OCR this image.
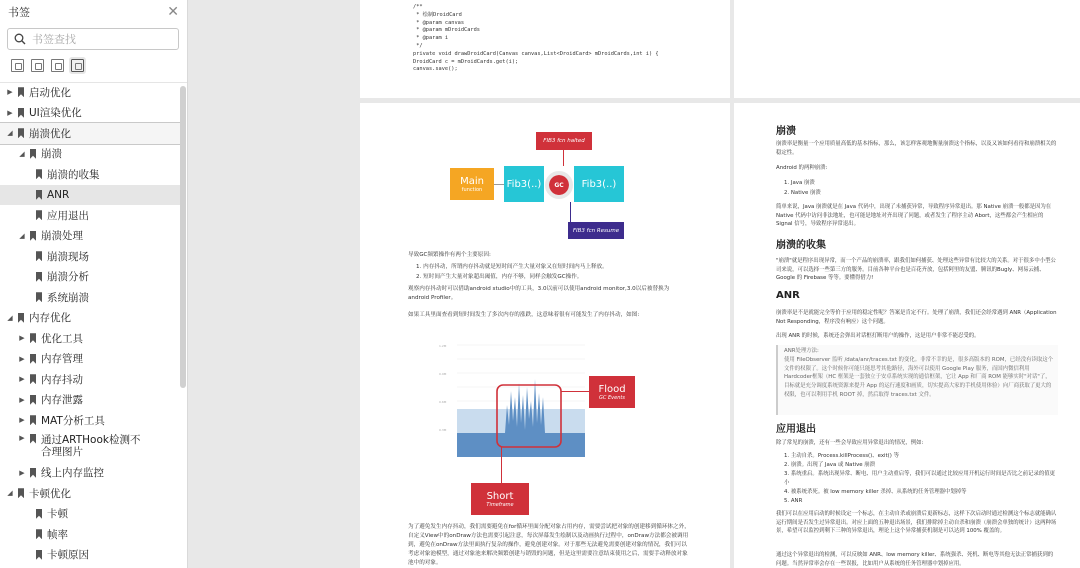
书签	✕
书签查找
▶ 启动优化
▶ UI渲染优化
◢ 崩溃优化
◢ 崩溃
崩溃的收集
ANR
应用退出
◢ 崩溃处理
崩溃现场
崩溃分析
系统崩溃
◢ 内存优化
▶ 优化工具
▶ 内存管理
▶ 内存抖动
▶ 内存泄露
▶ MAT分析工具
▶ 通过ARTHook检测不合理图片
▶ 线上内存监控
◢ 卡顿优化
卡顿
帧率
卡顿原因
/**
* 绘制DroidCard
* @param canvas
* @param mDroidCards
* @param i
*/
private void drawDroidCard(Canvas canvas,List<DroidCard> mDroidCards,int i) {
DroidCard c = mDroidCards.get(i);
canvas.save();
FIB3 fcn halted
Main
function Fib3(..)	GC	Fib3(..)
FIB3 fcn Resume
导致GC频繁操作有两个主要原因:
1. 内存抖动，所谓内存抖动就是短时间产生大量对象又在短时间内马上释放。
2. 短时间产生大量对象超出阈值，内存不够，同样会触发GC操作。
观察内存抖动时可以借助android studio中的工具，3.0以前可以使用android monitor,3.0以后被替换为android Profiler。
如果工具里面查看到短时间发生了多次内存的涨跌，这意味着很有可能发生了内存抖动，如图:
1.2M
0.9M
0.6M
0.3M
Flood
GC Events
Short
Timeframe
为了避免发生内存抖动，我们需要避免在for循环里面分配对象占用内存，需要尝试把对象的创建移到循环体之外，自定义View中的onDraw方法也需要引起注意，每次屏幕发生绘制以及动画执行过程中，onDraw方法都会被调用到，避免在onDraw方法里面执行复杂的操作，避免创建对象。对于那些无法避免需要创建对象的情况，我们可以考虑对象池模型，通过对象池来解决频繁创建与销毁的问题，但是这里需要注意结束使用之后，需要手动释放对象池中的对象。
崩溃
崩溃率是衡量一个应用质量高低的基本指标，那么，该怎样客观地衡量崩溃这个指标，以及又该如何看待和崩溃相关的稳定性。
Android 的两种崩溃:
1. Java 崩溃
2. Native 崩溃
简单来说，Java 崩溃就是在 Java 代码中，出现了未捕获异常，导致程序异常退出。那 Native 崩溃一般都是因为在 Native 代码中访问非法地址，也可能是地址对齐出现了问题，或者发生了程序主动 Abort，这些都会产生相应的 Signal 信号，导致程序异常退出。
崩溃的收集
"崩溃"就是程序出现异常，而一个产品的崩溃率，跟我们如何捕获、处理这些异常有比较大的关系。对于很多中小型公司来说，可以选择一些第三方的服务。目前各种平台也是百花齐放，包括阿里的友盟、腾讯的Bugly、网易云捕、Google 的 Firebase 等等。要懂得借力!
ANR
崩溃率是不是就能完全等价于应用的稳定性呢？答案是肯定不行。处理了崩溃，我们还会经常遇到 ANR（Application Not Responding，程序没有响应）这个问题。
出现 ANR 的时候，系统还会弹出对话框打断用户的操作，这是用户非常不能忍受的。
ANR处理方法:
使用 FileObserver 监听 /data/anr/traces.txt 的变化。非常不幸的是，很多高版本的 ROM，已经没有读取这个文件的权限了。这个时候你可能只能思考其他路径，海外可以使用 Google Play 服务，而国内微信利用Hardcoder框架（HC 框架是一套独立于安卓系统实现的通信框架，它让 App 和厂商 ROM 能够实时"对话"了，目标就是充分调度系统资源来提升 App 的运行速度和画质，切实提高大家的手机使用体验）向厂商获取了更大的权限，也可以利用手机 ROOT 掉，然后取得 traces.txt 文件。
应用退出
除了常见的崩溃，还有一些会导致应用异常退出的情况，例如:
1. 主动自杀。Process.killProcess()、exit() 等
2. 崩溃。出现了 Java 或 Native 崩溃
3. 系统重启。系统出现异常、断电、用户主动重启等，我们可以通过比较应用开机运行时间是否比之前记录的值更小
4. 被系统杀死。被 low memory killer 杀掉、从系统的任务管理器中划掉等
5. ANR
我们可以在应用启动的时候设定一个标志，在主动自杀或崩溃后更新标志，这样下次启动时通过检测这个标志就能确认运行期间是否发生过异常退出。对应上面的五种退出场景，我们排除掉主动自杀和崩溃（崩溃会单独的统计）这两种场景，希望可以监控到剩下三种的异常退出，理论上这个异常捕获机制是可以达到 100% 覆盖的。
通过这个异常退出的检测，可以反映如 ANR、low memory killer、系统强杀、死机、断电等其他无法正常捕获到的问题。当然异常率会存在一些误报，比如用户从系统的任务管理器中划掉应用。
